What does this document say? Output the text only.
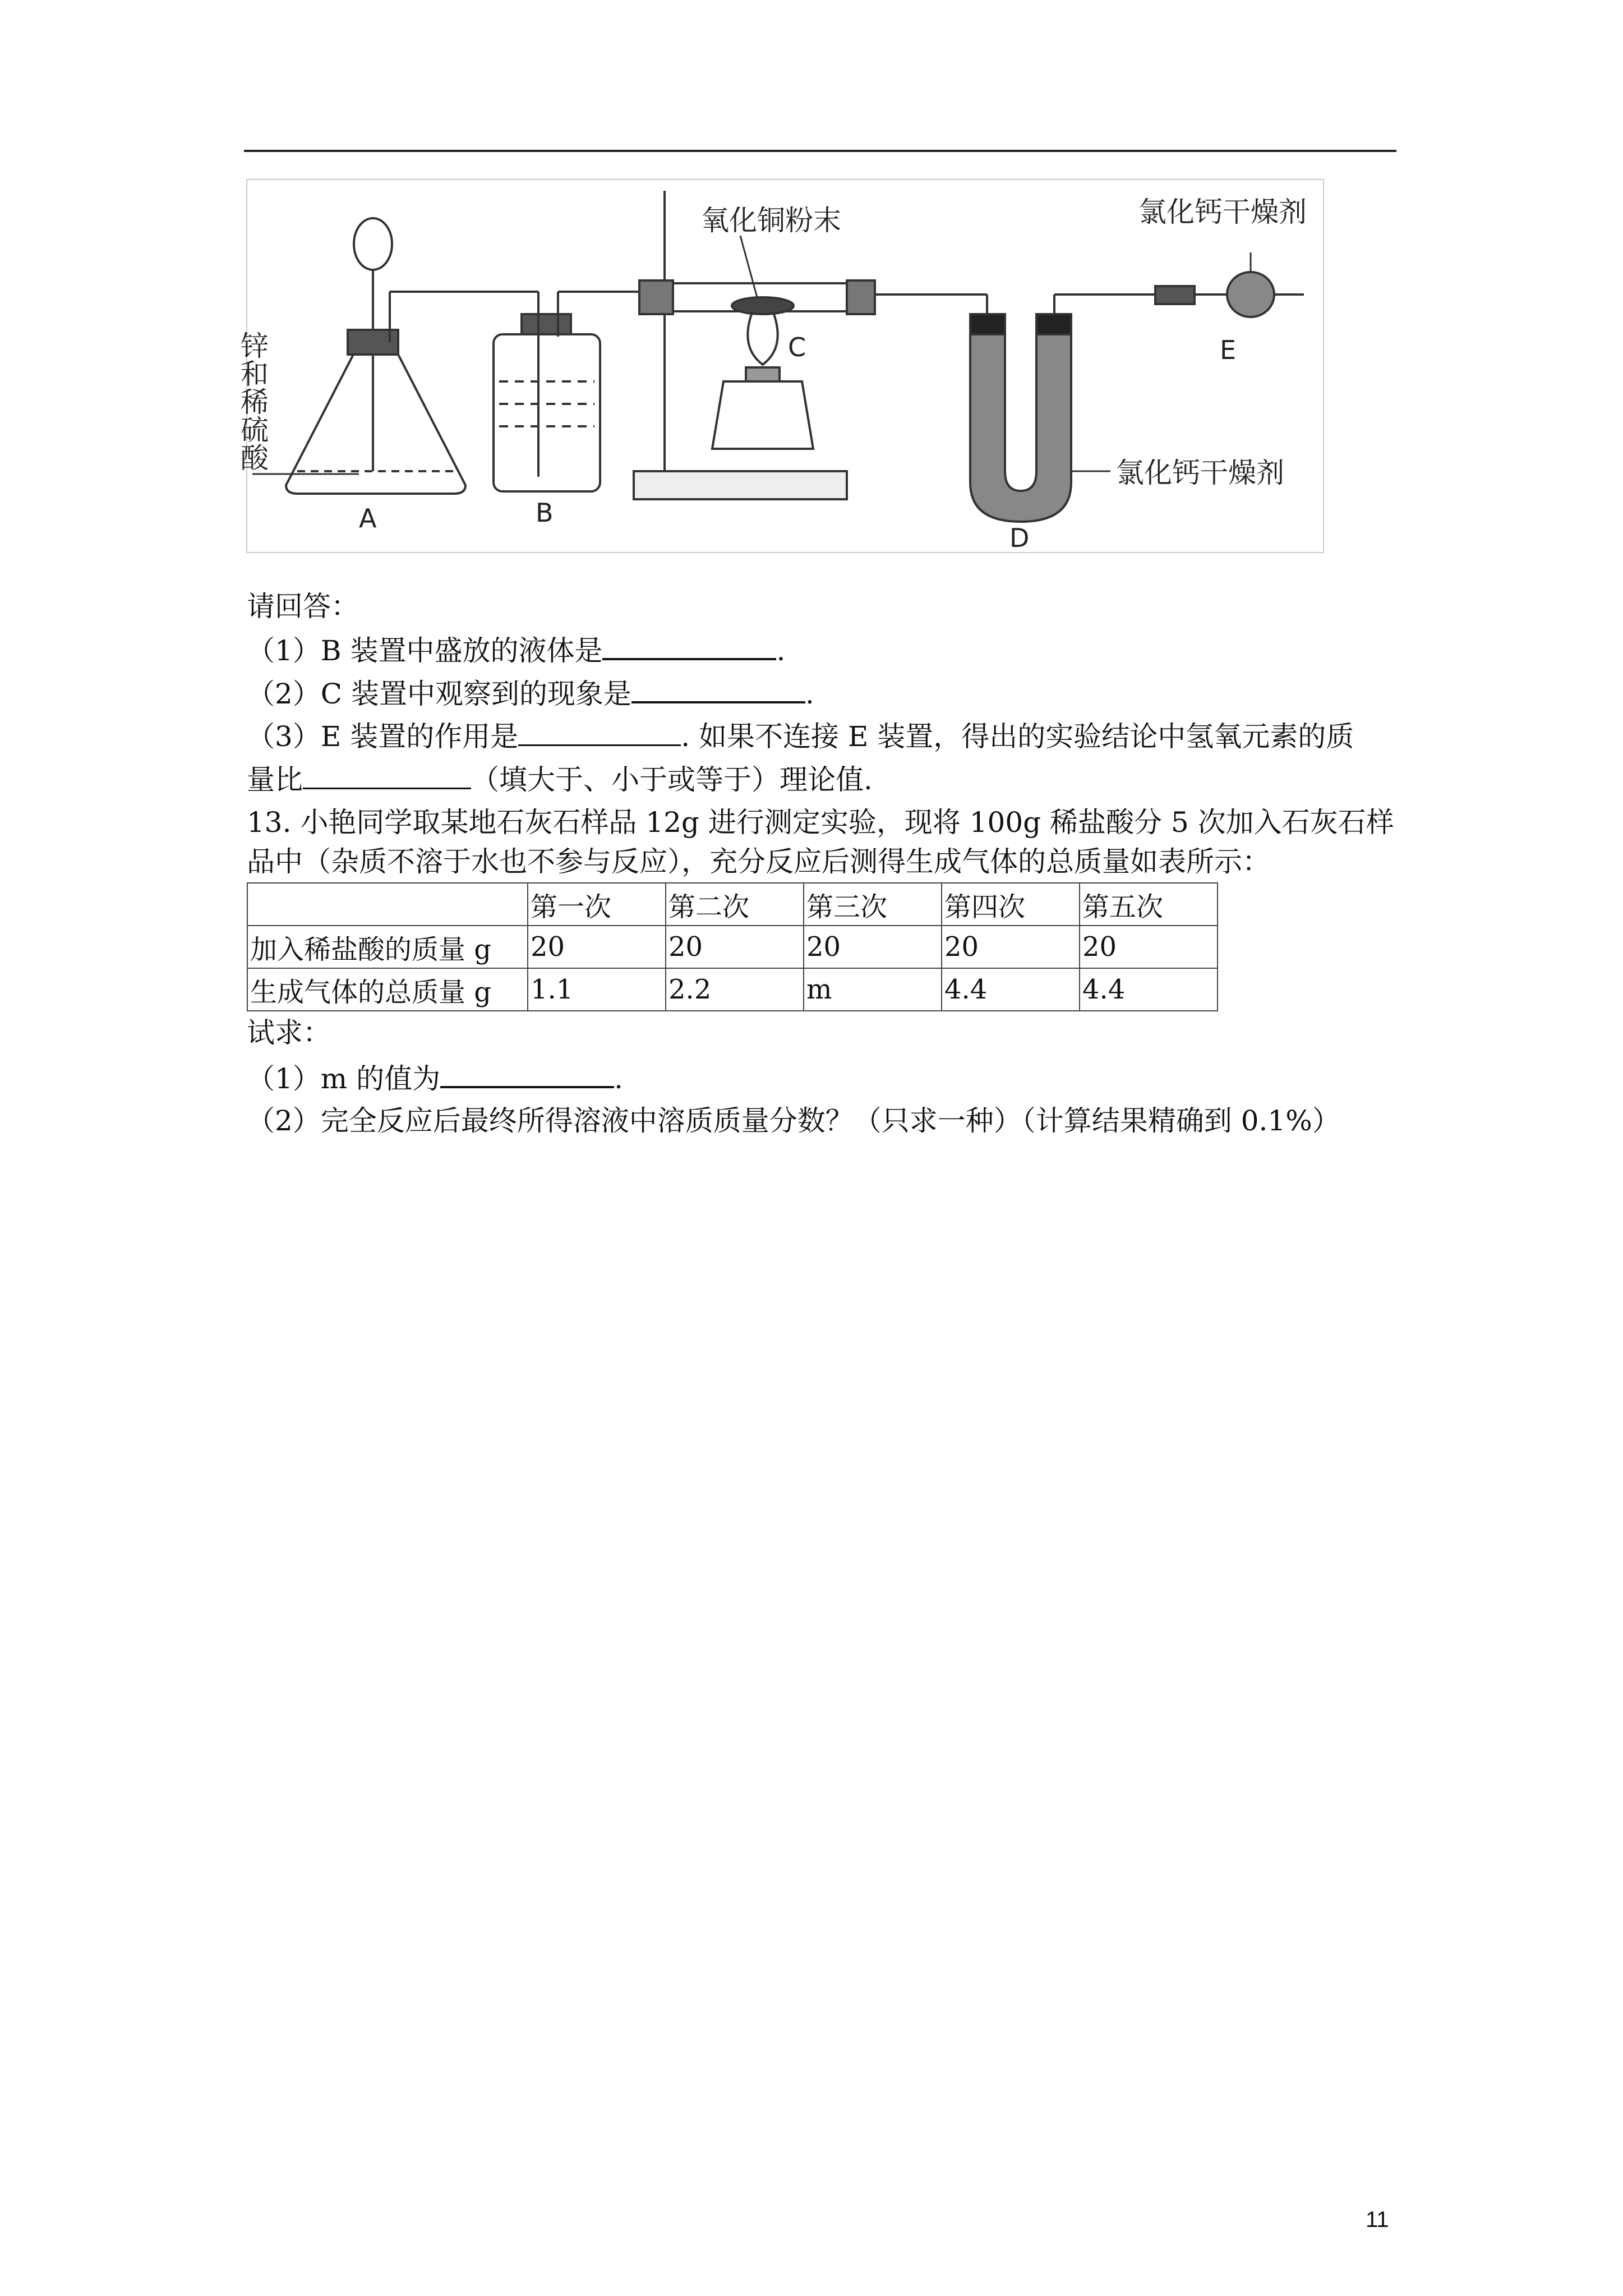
锌和稀硫酸
A	B
氧化铜粉末
C
氯化钙干燥剂
E
氯化钙干燥剂
D
请回答：
（1）B 装置中盛放的液体是	.
（2）C 装置中观察到的现象是	.
（3）E 装置的作用是	. 如果不连接 E 装置，得出的实验结论中氢氧元素的质
量比	（填大于、小于或等于）理论值.
13. 小艳同学取某地石灰石样品 12g 进行测定实验，现将 100g 稀盐酸分 5 次加入石灰石样
品中（杂质不溶于水也不参与反应），充分反应后测得生成气体的总质量如表所示：
	第一次	第二次	第三次	第四次	第五次
加入稀盐酸的质量 g	20	20	20	20	20
生成气体的总质量 g	1.1	2.2	m	4.4	4.4
试求：
（1）m 的值为	.
（2）完全反应后最终所得溶液中溶质质量分数？（只求一种）（计算结果精确到 0.1%）
11
